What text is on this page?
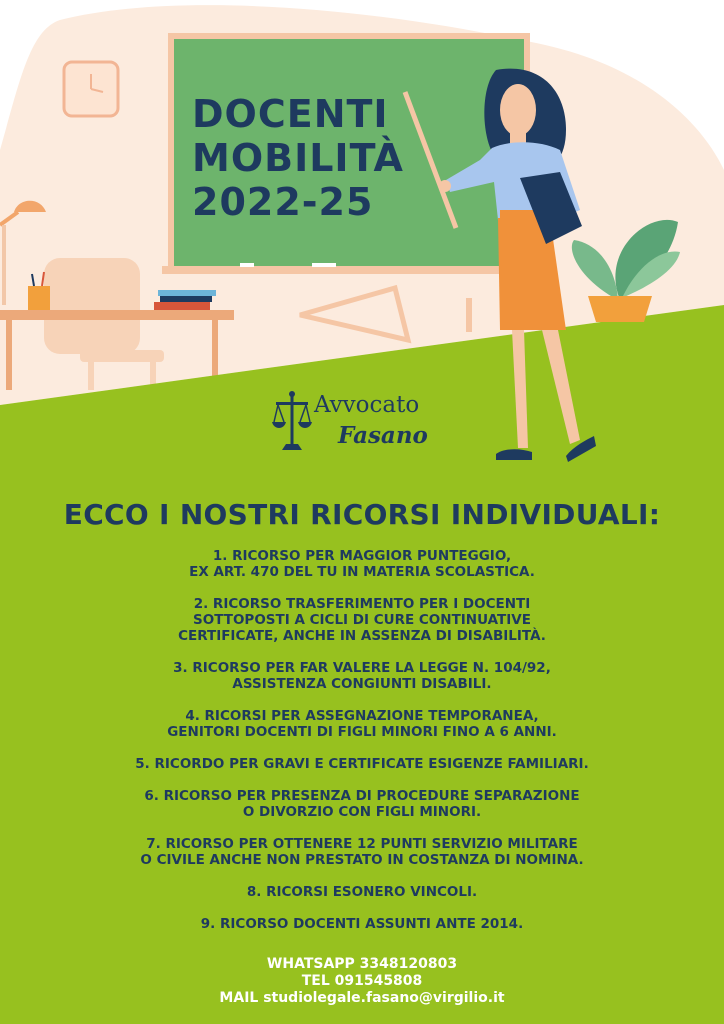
DOCENTI
MOBILITÀ
2022-25
Avvocato
Fasano
ECCO I NOSTRI RICORSI INDIVIDUALI:
1. RICORSO PER MAGGIOR PUNTEGGIO,
EX ART. 470 DEL TU IN MATERIA SCOLASTICA.
2. RICORSO TRASFERIMENTO PER I DOCENTI
SOTTOPOSTI A CICLI DI CURE CONTINUATIVE
CERTIFICATE, ANCHE IN ASSENZA DI DISABILITÀ.
3. RICORSO PER FAR VALERE LA LEGGE N. 104/92,
ASSISTENZA CONGIUNTI DISABILI.
4. RICORSI PER ASSEGNAZIONE TEMPORANEA,
GENITORI DOCENTI DI FIGLI MINORI FINO A 6 ANNI.
5. RICORDO PER GRAVI E CERTIFICATE ESIGENZE FAMILIARI.
6. RICORSO PER PRESENZA DI PROCEDURE SEPARAZIONE
O DIVORZIO CON FIGLI MINORI.
7. RICORSO PER OTTENERE 12 PUNTI SERVIZIO MILITARE
O CIVILE ANCHE NON PRESTATO IN COSTANZA DI NOMINA.
8. RICORSI ESONERO VINCOLI.
9. RICORSO DOCENTI ASSUNTI ANTE 2014.
WHATSAPP 3348120803
TEL 091545808
MAIL studiolegale.fasano@virgilio.it
